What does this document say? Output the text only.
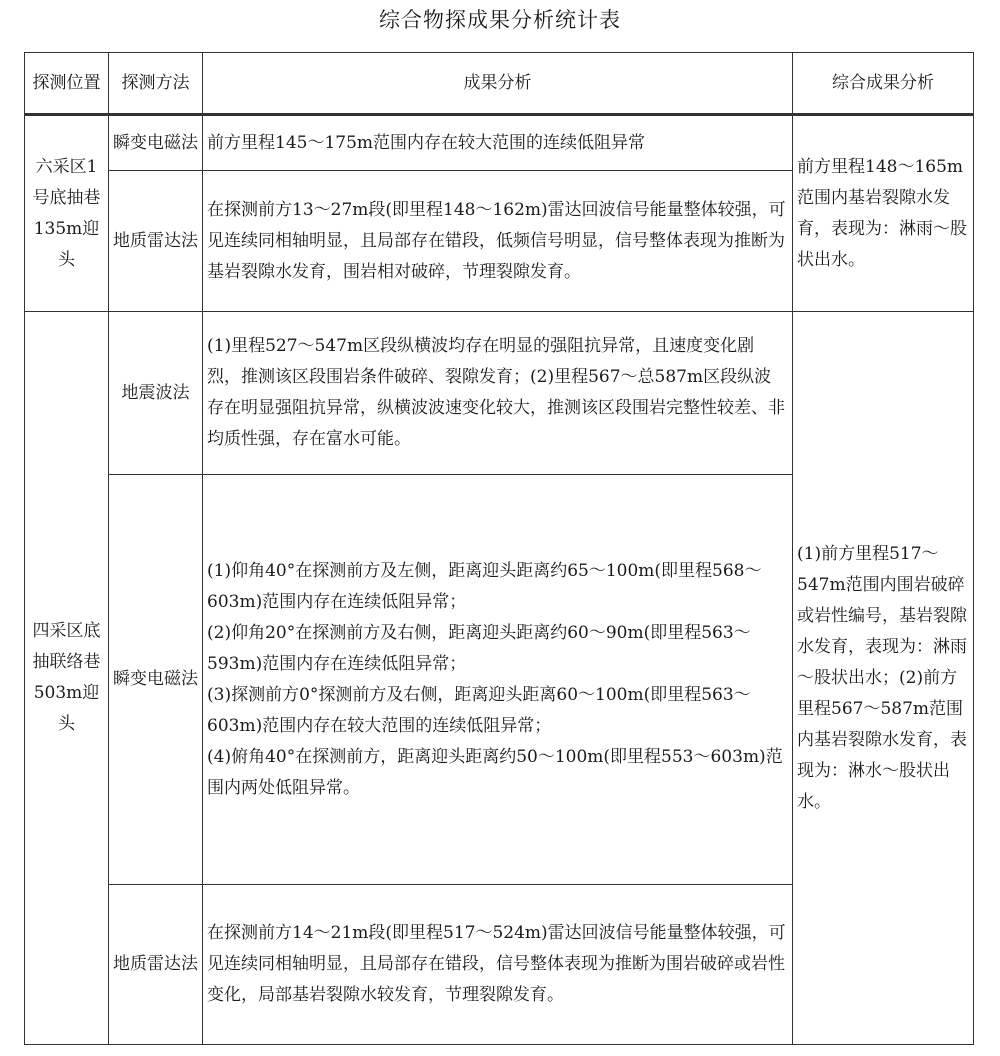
综合物探成果分析统计表
探测位置	探测方法	成果分析	综合成果分析
六采区1号底抽巷135m迎头	瞬变电磁法	前方里程145～175m范围内存在较大范围的连续低阻异常	前方里程148～165m范围内基岩裂隙水发育，表现为：淋雨～股状出水。
	地质雷达法	在探测前方13～27m段(即里程148～162m)雷达回波信号能量整体较强，可见连续同相轴明显，且局部存在错段，低频信号明显，信号整体表现为推断为基岩裂隙水发育，围岩相对破碎，节理裂隙发育。	

四采区底抽联络巷503m迎头	地震波法	(1)里程527～547m区段纵横波均存在明显的强阻抗异常，且速度变化剧烈，推测该区段围岩条件破碎、裂隙发育；(2)里程567～总587m区段纵波存在明显强阻抗异常，纵横波波速变化较大，推测该区段围岩完整性较差、非均质性强，存在富水可能。	(1)前方里程517～547m范围内围岩破碎或岩性编号，基岩裂隙水发育，表现为：淋雨～股状出水；(2)前方里程567～587m范围内基岩裂隙水发育，表现为：淋水～股状出水。
	瞬变电磁法	(1)仰角40°在探测前方及左侧，距离迎头距离约65～100m(即里程568～603m)范围内存在连续低阻异常；
(2)仰角20°在探测前方及右侧，距离迎头距离约60～90m(即里程563～593m)范围内存在连续低阻异常；
(3)探测前方0°探测前方及右侧，距离迎头距离60～100m(即里程563～603m)范围内存在较大范围的连续低阻异常；
(4)俯角40°在探测前方，距离迎头距离约50～100m(即里程553～603m)范围内两处低阻异常。	

	地质雷达法	在探测前方14～21m段(即里程517～524m)雷达回波信号能量整体较强，可见连续同相轴明显，且局部存在错段，信号整体表现为推断为围岩破碎或岩性变化，局部基岩裂隙水较发育，节理裂隙发育。	
